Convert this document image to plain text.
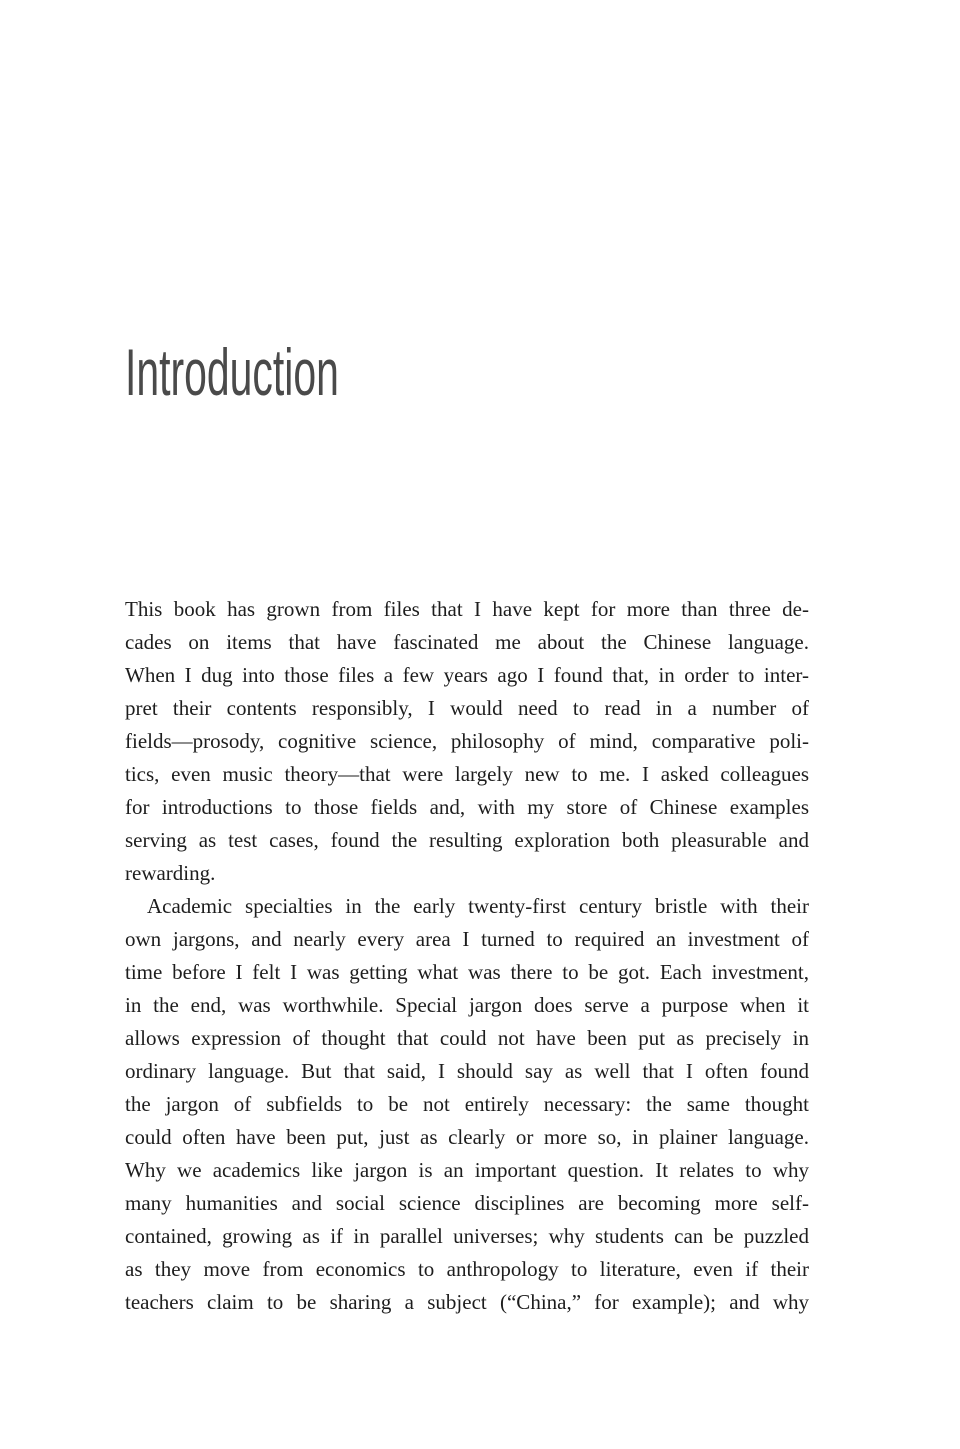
Introduction
This book has grown from files that I have kept for more than three de-
cades on items that have fascinated me about the Chinese language.
When I dug into those files a few years ago I found that, in order to inter-
pret their contents responsibly, I would need to read in a number of
fields—prosody, cognitive science, philosophy of mind, comparative poli-
tics, even music theory—that were largely new to me. I asked colleagues
for introductions to those fields and, with my store of Chinese examples
serving as test cases, found the resulting exploration both pleasurable and
rewarding.
Academic specialties in the early twenty-first century bristle with their
own jargons, and nearly every area I turned to required an investment of
time before I felt I was getting what was there to be got. Each investment,
in the end, was worthwhile. Special jargon does serve a purpose when it
allows expression of thought that could not have been put as precisely in
ordinary language. But that said, I should say as well that I often found
the jargon of subfields to be not entirely necessary: the same thought
could often have been put, just as clearly or more so, in plainer language.
Why we academics like jargon is an important question. It relates to why
many humanities and social science disciplines are becoming more self-
contained, growing as if in parallel universes; why students can be puzzled
as they move from economics to anthropology to literature, even if their
teachers claim to be sharing a subject (“China,” for example); and why
